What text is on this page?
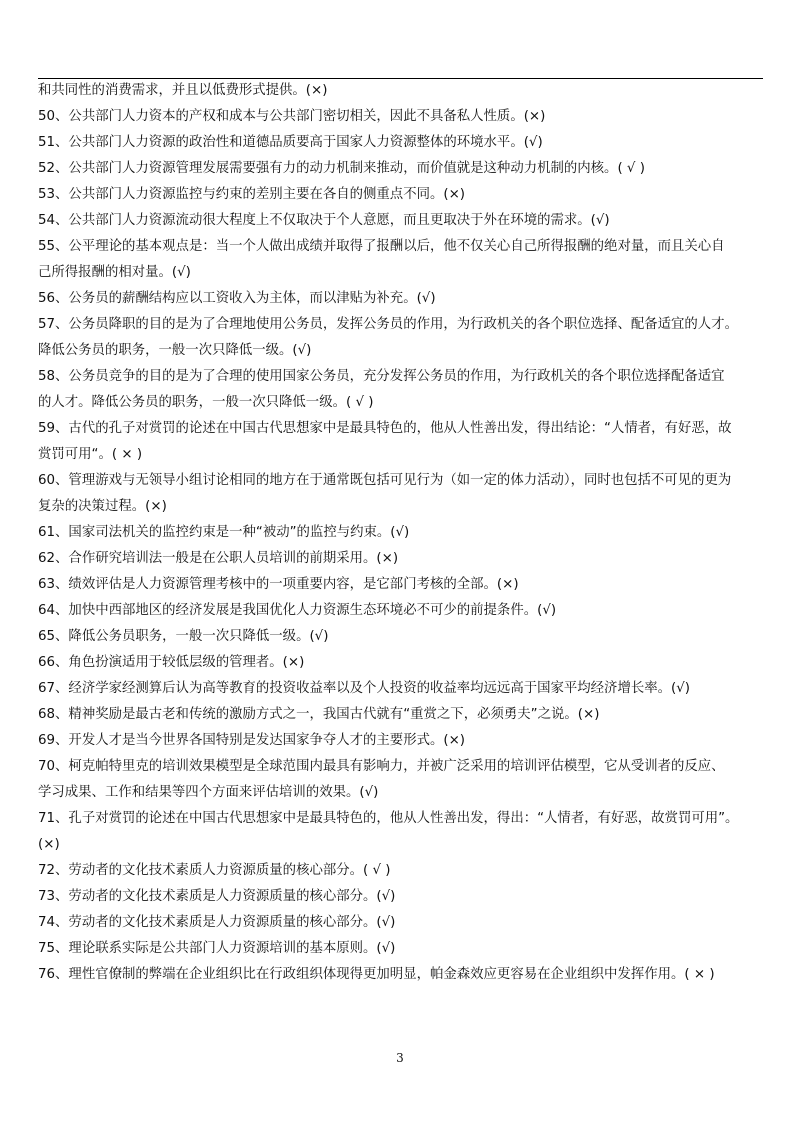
和共同性的消费需求，并且以低费形式提供。(×)
50、公共部门人力资本的产权和成本与公共部门密切相关，因此不具备私人性质。(×)
51、公共部门人力资源的政治性和道德品质要高于国家人力资源整体的环境水平。(√)
52、公共部门人力资源管理发展需要强有力的动力机制来推动，而价值就是这种动力机制的内核。( √ )
53、公共部门人力资源监控与约束的差别主要在各自的侧重点不同。(×)
54、公共部门人力资源流动很大程度上不仅取决于个人意愿，而且更取决于外在环境的需求。(√)
55、公平理论的基本观点是：当一个人做出成绩并取得了报酬以后，他不仅关心自己所得报酬的绝对量，而且关心自
己所得报酬的相对量。(√)
56、公务员的薪酬结构应以工资收入为主体，而以津贴为补充。(√)
57、公务员降职的目的是为了合理地使用公务员，发挥公务员的作用，为行政机关的各个职位选择、配备适宜的人才。
降低公务员的职务，一般一次只降低一级。(√)
58、公务员竞争的目的是为了合理的使用国家公务员，充分发挥公务员的作用，为行政机关的各个职位选择配备适宜
的人才。降低公务员的职务，一般一次只降低一级。( √ )
59、古代的孔子对赏罚的论述在中国古代思想家中是最具特色的，他从人性善出发，得出结论：“人情者，有好恶，故
赏罚可用“。( × )
60、管理游戏与无领导小组讨论相同的地方在于通常既包括可见行为（如一定的体力活动），同时也包括不可见的更为
复杂的决策过程。(×)
61、国家司法机关的监控约束是一种“被动”的监控与约束。(√)
62、合作研究培训法一般是在公职人员培训的前期采用。(×)
63、绩效评估是人力资源管理考核中的一项重要内容，是它部门考核的全部。(×)
64、加快中西部地区的经济发展是我国优化人力资源生态环境必不可少的前提条件。(√)
65、降低公务员职务，一般一次只降低一级。(√)
66、角色扮演适用于较低层级的管理者。(×)
67、经济学家经测算后认为高等教育的投资收益率以及个人投资的收益率均远远高于国家平均经济增长率。(√)
68、精神奖励是最古老和传统的激励方式之一，我国古代就有“重赏之下，必须勇夫”之说。(×)
69、开发人才是当今世界各国特别是发达国家争夺人才的主要形式。(×)
70、柯克帕特里克的培训效果模型是全球范围内最具有影响力，并被广泛采用的培训评估模型，它从受训者的反应、
学习成果、工作和结果等四个方面来评估培训的效果。(√)
71、孔子对赏罚的论述在中国古代思想家中是最具特色的，他从人性善出发，得出：“人情者，有好恶，故赏罚可用”。
(×)
72、劳动者的文化技术素质人力资源质量的核心部分。( √ )
73、劳动者的文化技术素质是人力资源质量的核心部分。(√)
74、劳动者的文化技术素质是人力资源质量的核心部分。(√)
75、理论联系实际是公共部门人力资源培训的基本原则。(√)
76、理性官僚制的弊端在企业组织比在行政组织体现得更加明显，帕金森效应更容易在企业组织中发挥作用。( × )
3
